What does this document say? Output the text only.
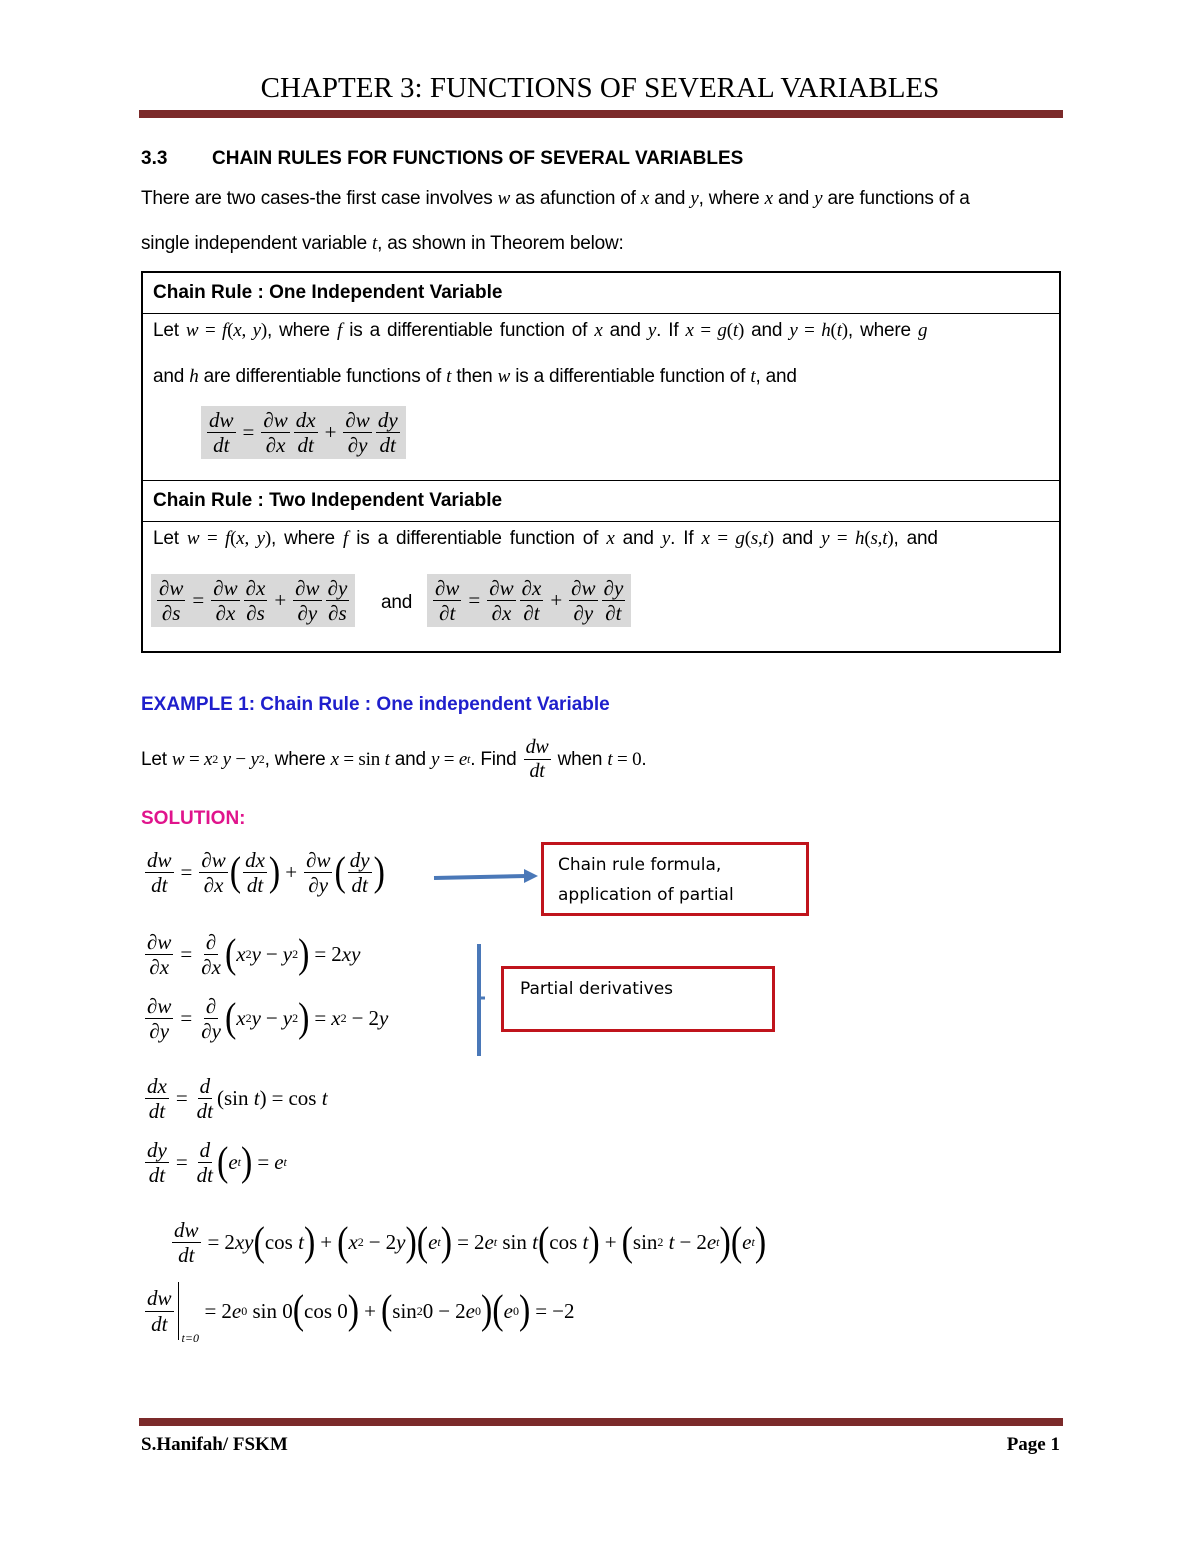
CHAPTER 3: FUNCTIONS OF SEVERAL VARIABLES
3.3 CHAIN RULES FOR FUNCTIONS OF SEVERAL VARIABLES
There are two cases-the first case involves w as afunction of x and y, where x and y are functions of a
single independent variable t, as shown in Theorem below:
Chain Rule : One Independent Variable
Let w = f(x, y), where f is a differentiable function of x and y. If x = g(t) and y = h(t), where g
and h are differentiable functions of t then w is a differentiable function of t, and
$\frac{dw}{dt} = \frac{\partial w}{\partial x} \frac{dx}{dt} + \frac{\partial w}{\partial y} \frac{dy}{dt}$
Chain Rule : Two Independent Variable
Let w = f(x, y), where f is a differentiable function of x and y. If x = g(s,t) and y = h(s,t), and
$\frac{\partial w}{\partial s} = \frac{\partial w}{\partial x} \frac{\partial x}{\partial s} + \frac{\partial w}{\partial y} \frac{\partial y}{\partial s}$ and $\frac{\partial w}{\partial t} = \frac{\partial w}{\partial x} \frac{\partial x}{\partial t} + \frac{\partial w}{\partial y} \frac{\partial y}{\partial t}$
EXAMPLE 1: Chain Rule : One independent Variable
Let
w = x 2 y − y 2 , where
x = sin t
and
y = e t . Find
$\frac{dw}{dt}$
when
t = 0 .
SOLUTION:
$\frac{dw}{dt} = \frac{\partial w}{\partial x}$ ( $\frac{dx}{dt}$ ) + $\frac{\partial w}{\partial y}$ ( $\frac{dy}{dt}$ )
$\frac{\partial w}{\partial x} = \frac{\partial}{\partial x}$ ( x 2 y − y 2 ) = 2 xy
$\frac{\partial w}{\partial y} = \frac{\partial}{\partial y}$ ( x 2 y − y 2 ) = x 2 − 2 y
$\frac{dx}{dt} = \frac{d}{dt} (\sin$ t ) = cos t
$\frac{dy}{dt} = \frac{d}{dt}$ ( e t ) = e t
$\frac{dw}{dt} = 2$ xy ( cos t ) + ( x 2 − 2 y ) ( e t ) = 2 e t sin t ( cos t ) + ( sin 2 t − 2 e t ) ( e t )
$\frac{dw}{dt}$
t=0
= 2 e 0 sin 0 ( cos 0 ) + ( sin 2 0 − 2 e 0 ) ( e 0 ) = −2
Chain rule formula,
application of partial
Partial derivatives
S.Hanifah/ FSKM	Page 1
